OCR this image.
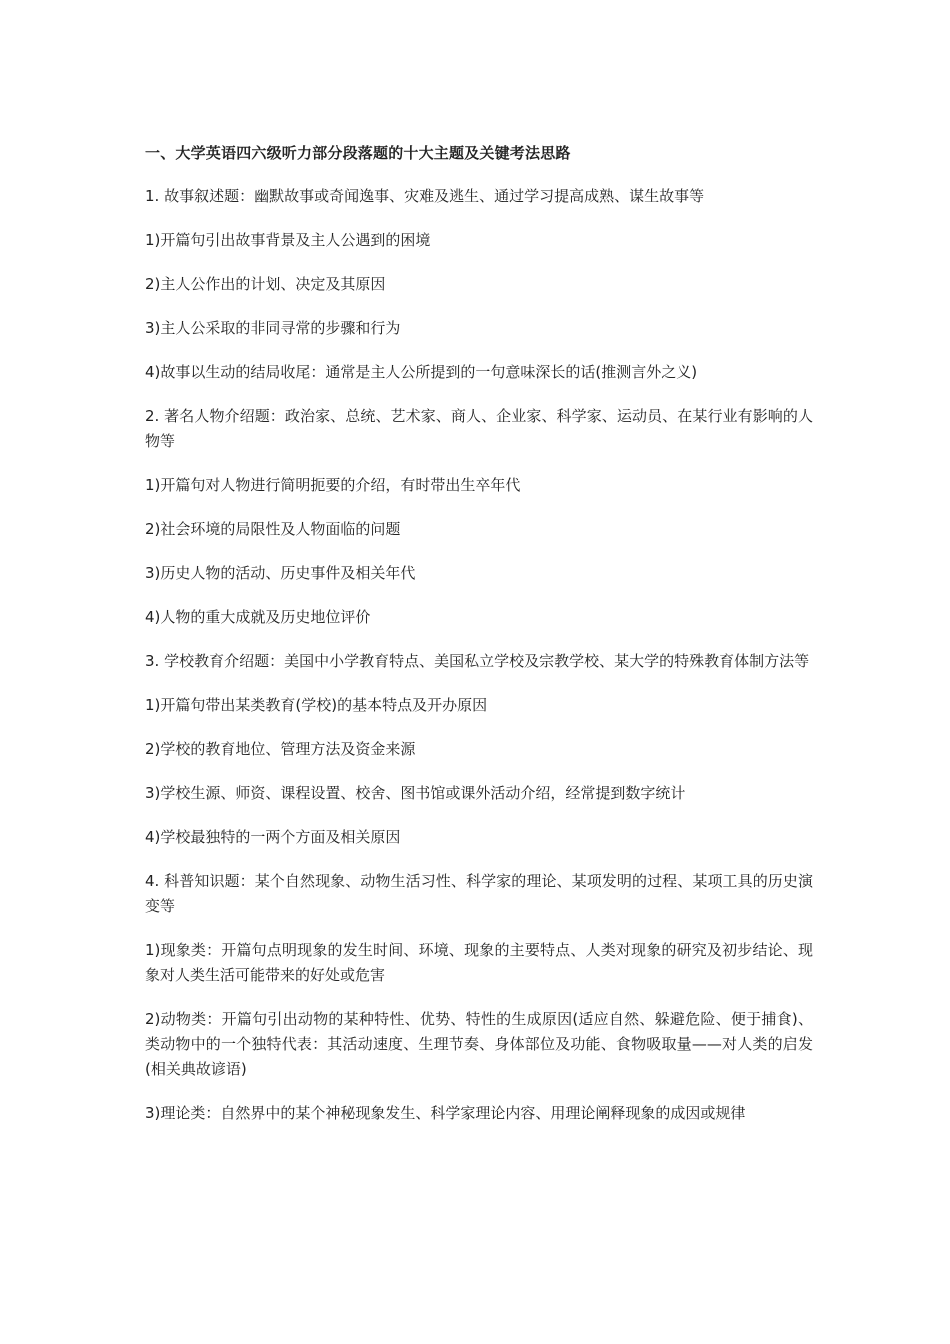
一、大学英语四六级听力部分段落题的十大主题及关键考法思路
1. 故事叙述题：幽默故事或奇闻逸事、灾难及逃生、通过学习提高成熟、谋生故事等
1)开篇句引出故事背景及主人公遇到的困境
2)主人公作出的计划、决定及其原因
3)主人公采取的非同寻常的步骤和行为
4)故事以生动的结局收尾：通常是主人公所提到的一句意味深长的话(推测言外之义)
2. 著名人物介绍题：政治家、总统、艺术家、商人、企业家、科学家、运动员、在某行业有影响的人物等
1)开篇句对人物进行简明扼要的介绍，有时带出生卒年代
2)社会环境的局限性及人物面临的问题
3)历史人物的活动、历史事件及相关年代
4)人物的重大成就及历史地位评价
3. 学校教育介绍题：美国中小学教育特点、美国私立学校及宗教学校、某大学的特殊教育体制方法等
1)开篇句带出某类教育(学校)的基本特点及开办原因
2)学校的教育地位、管理方法及资金来源
3)学校生源、师资、课程设置、校舍、图书馆或课外活动介绍，经常提到数字统计
4)学校最独特的一两个方面及相关原因
4. 科普知识题：某个自然现象、动物生活习性、科学家的理论、某项发明的过程、某项工具的历史演变等
1)现象类：开篇句点明现象的发生时间、环境、现象的主要特点、人类对现象的研究及初步结论、现象对人类生活可能带来的好处或危害
2)动物类：开篇句引出动物的某种特性、优势、特性的生成原因(适应自然、躲避危险、便于捕食)、类动物中的一个独特代表：其活动速度、生理节奏、身体部位及功能、食物吸取量——对人类的启发(相关典故谚语)
3)理论类：自然界中的某个神秘现象发生、科学家理论内容、用理论阐释现象的成因或规律
